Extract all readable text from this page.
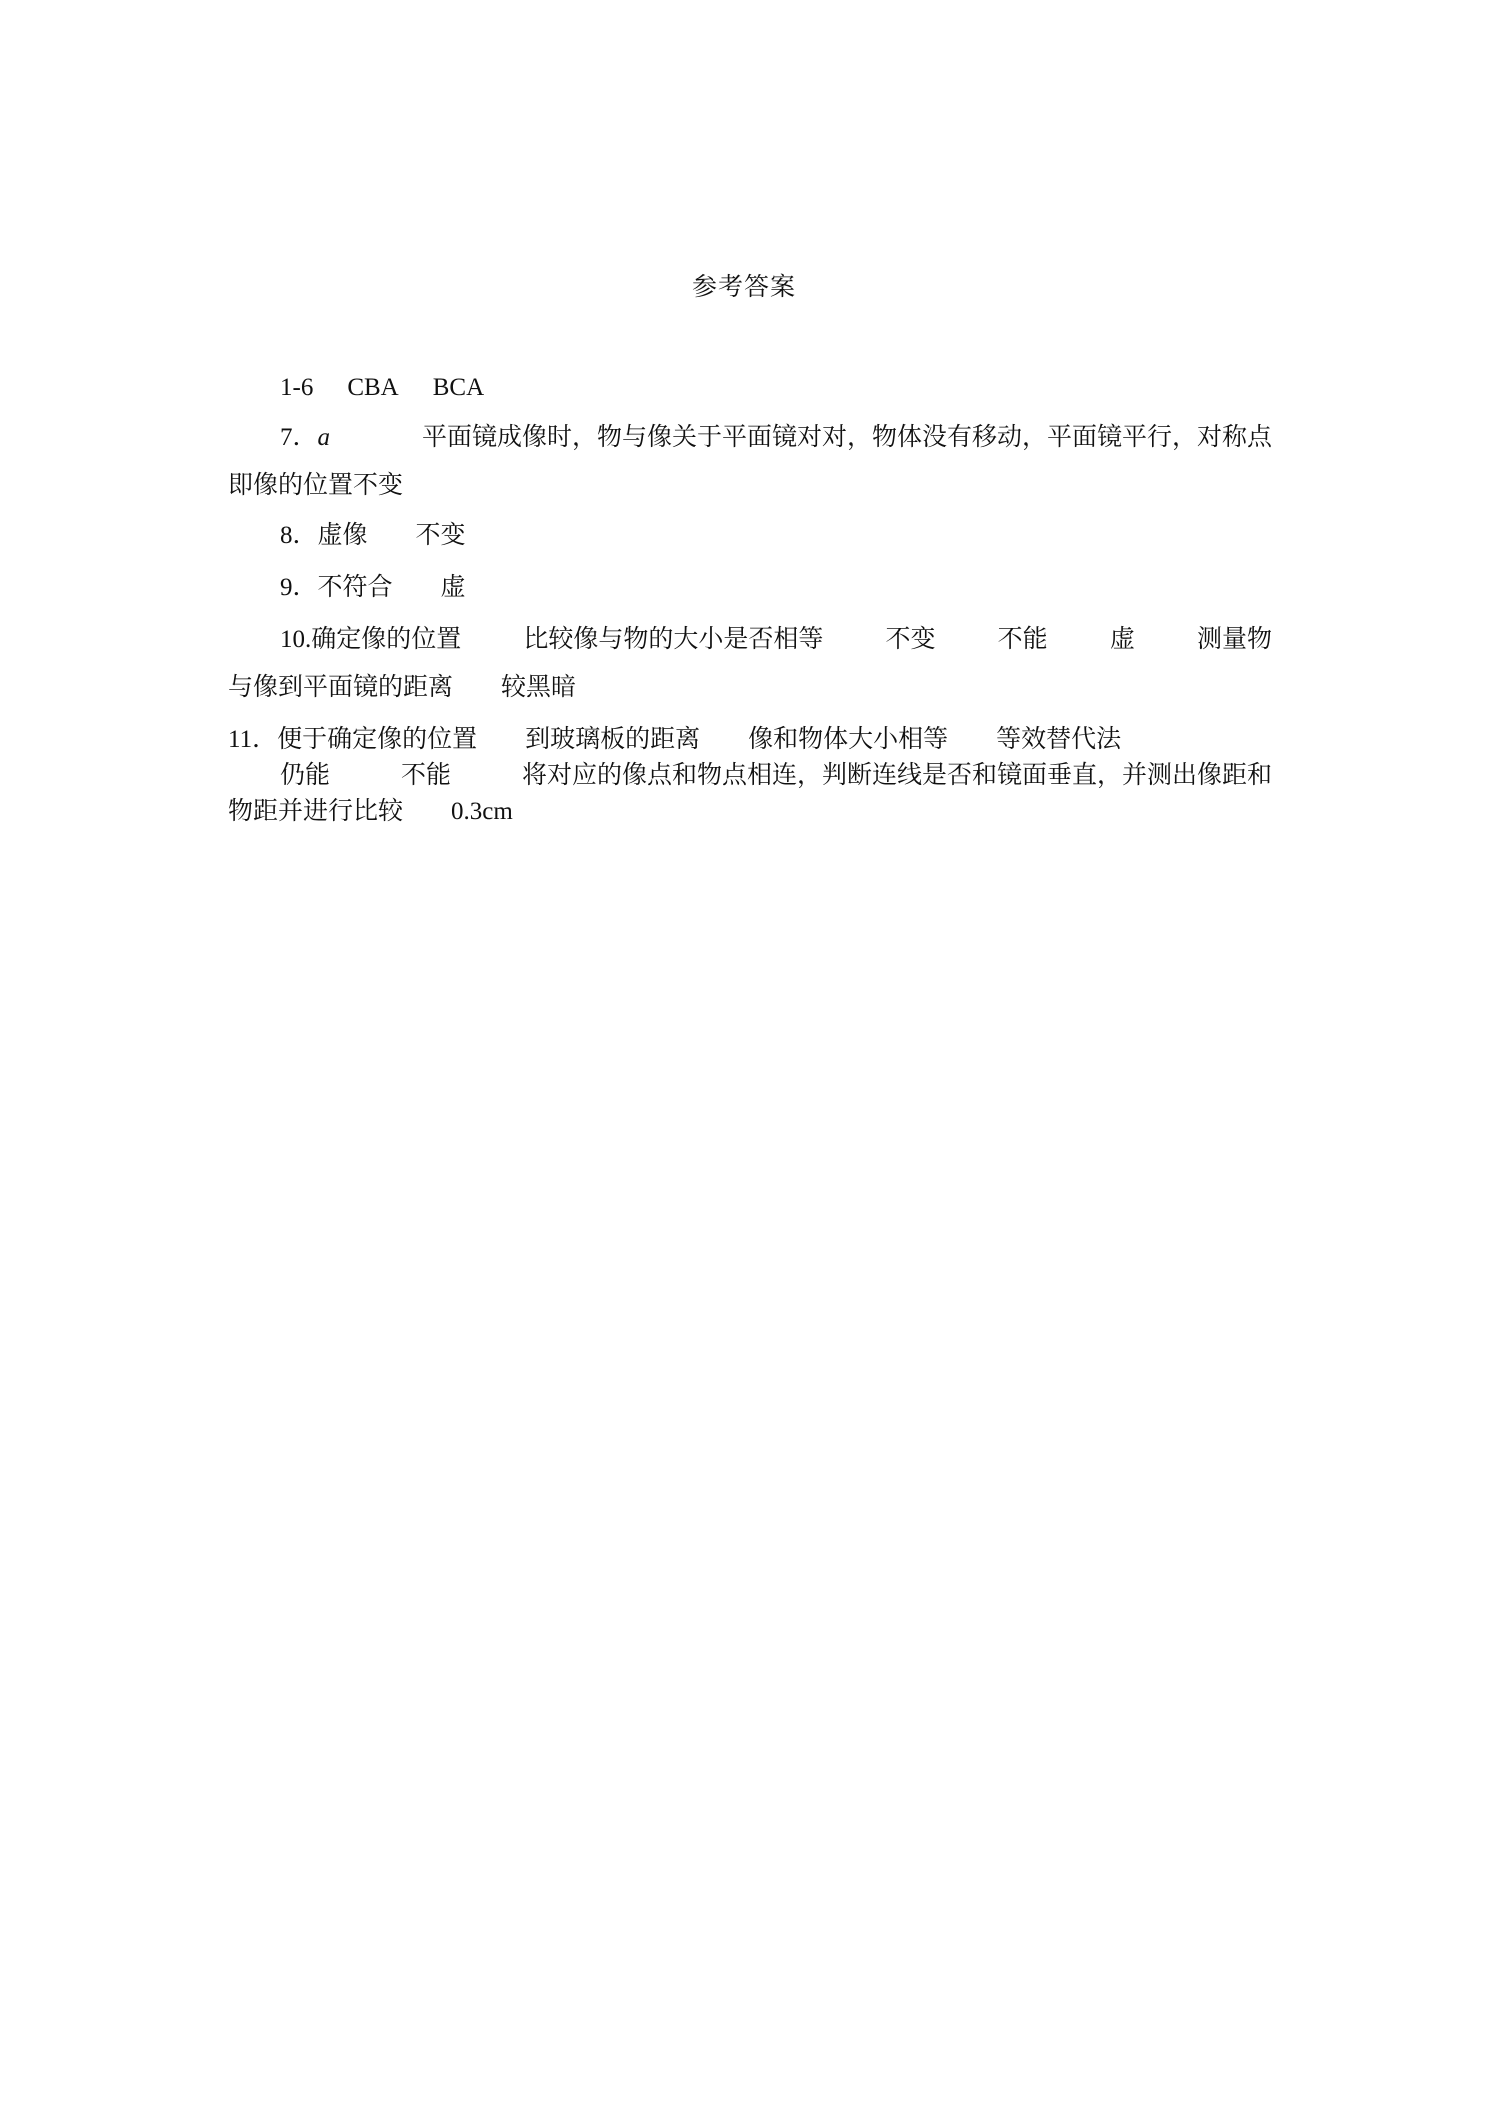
参考答案
1-6 CBA BCA
7．a	平面镜成像时，物与像关于平面镜对对，物体没有移动，平面镜平行，对称点
即像的位置不变
8．虚像 不变
9．不符合 虚
10.确定像的位置 比较像与物的大小是否相等 不变 不能 虚 测量物
与像到平面镜的距离 较黑暗
11．便于确定像的位置 到玻璃板的距离 像和物体大小相等 等效替代法
仍能	不能	将对应的像点和物点相连，判断连线是否和镜面垂直，并测出像距和
物距并进行比较 0.3cm
